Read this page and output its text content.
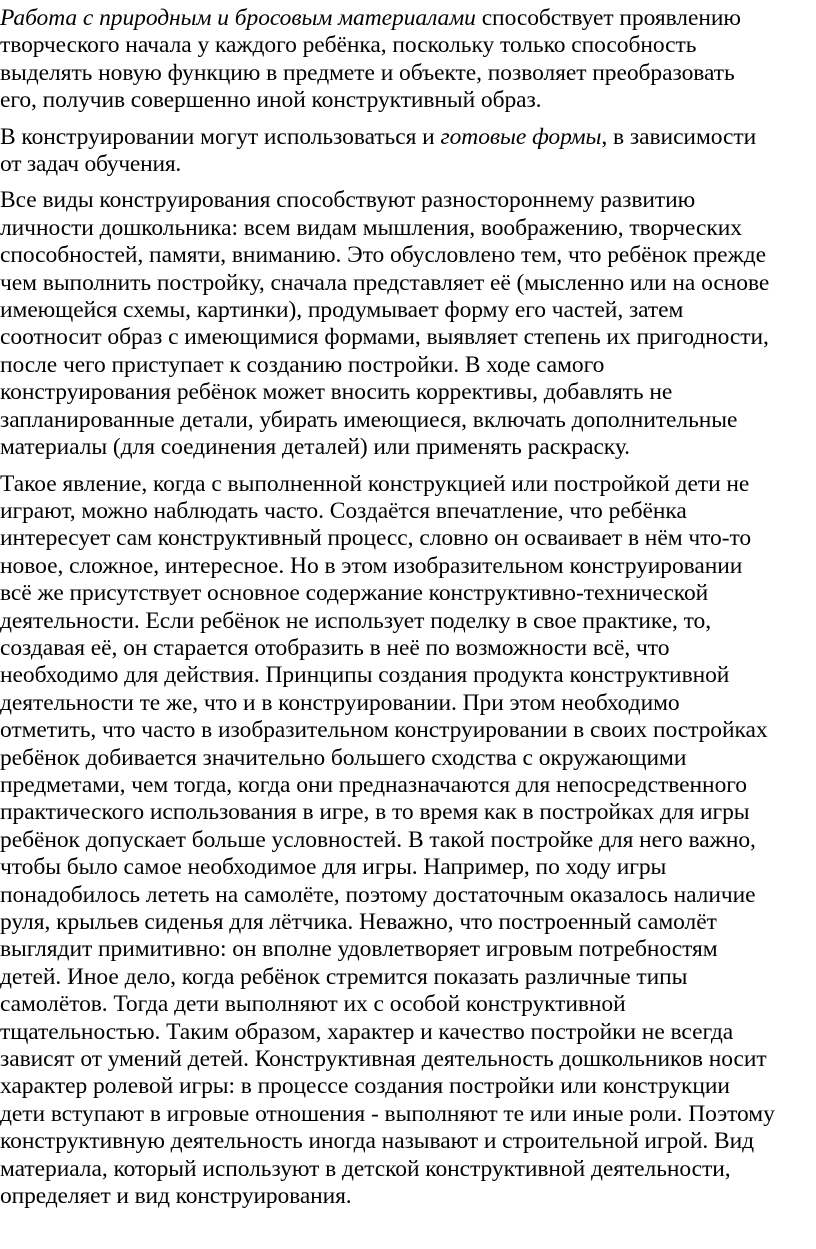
Работа с природным и бросовым материалами способствует проявлению
творческого начала у каждого ребёнка, поскольку только способность
выделять новую функцию в предмете и объекте, позволяет преобразовать
его, получив совершенно иной конструктивный образ.
В конструировании могут использоваться и готовые формы, в зависимости
от задач обучения.
Все виды конструирования способствуют разностороннему развитию
личности дошкольника: всем видам мышления, воображению, творческих
способностей, памяти, вниманию. Это обусловлено тем, что ребёнок прежде
чем выполнить постройку, сначала представляет её (мысленно или на основе
имеющейся схемы, картинки), продумывает форму его частей, затем
соотносит образ с имеющимися формами, выявляет степень их пригодности,
после чего приступает к созданию постройки. В ходе самого
конструирования ребёнок может вносить коррективы, добавлять не
запланированные детали, убирать имеющиеся, включать дополнительные
материалы (для соединения деталей) или применять раскраску.
Такое явление, когда с выполненной конструкцией или постройкой дети не
играют, можно наблюдать часто. Создаётся впечатление, что ребёнка
интересует сам конструктивный процесс, словно он осваивает в нём что-то
новое, сложное, интересное. Но в этом изобразительном конструировании
всё же присутствует основное содержание конструктивно-технической
деятельности. Если ребёнок не использует поделку в свое практике, то,
создавая её, он старается отобразить в неё по возможности всё, что
необходимо для действия. Принципы создания продукта конструктивной
деятельности те же, что и в конструировании. При этом необходимо
отметить, что часто в изобразительном конструировании в своих постройках
ребёнок добивается значительно большего сходства с окружающими
предметами, чем тогда, когда они предназначаются для непосредственного
практического использования в игре, в то время как в постройках для игры
ребёнок допускает больше условностей. В такой постройке для него важно,
чтобы было самое необходимое для игры. Например, по ходу игры
понадобилось лететь на самолёте, поэтому достаточным оказалось наличие
руля, крыльев сиденья для лётчика. Неважно, что построенный самолёт
выглядит примитивно: он вполне удовлетворяет игровым потребностям
детей. Иное дело, когда ребёнок стремится показать различные типы
самолётов. Тогда дети выполняют их с особой конструктивной
тщательностью. Таким образом, характер и качество постройки не всегда
зависят от умений детей. Конструктивная деятельность дошкольников носит
характер ролевой игры: в процессе создания постройки или конструкции
дети вступают в игровые отношения - выполняют те или иные роли. Поэтому
конструктивную деятельность иногда называют и строительной игрой. Вид
материала, который используют в детской конструктивной деятельности,
определяет и вид конструирования.
